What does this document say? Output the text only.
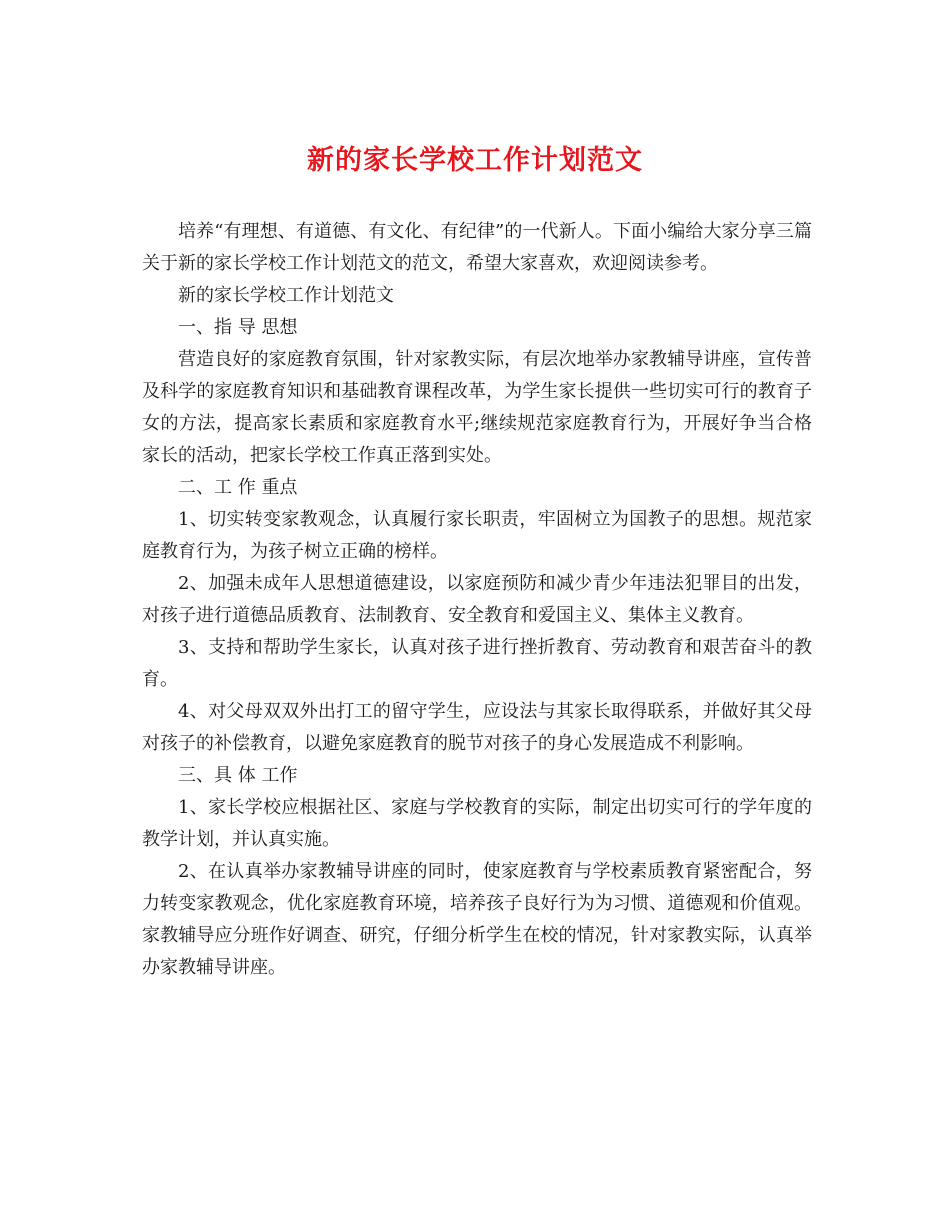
新的家长学校工作计划范文

培养“有理想、有道德、有文化、有纪律”的一代新人。下面小编给大家分享三篇关于新的家长学校工作计划范文的范文，希望大家喜欢，欢迎阅读参考。

新的家长学校工作计划范文

一、指 导 思想

营造良好的家庭教育氛围，针对家教实际，有层次地举办家教辅导讲座，宣传普及科学的家庭教育知识和基础教育课程改革，为学生家长提供一些切实可行的教育子女的方法，提高家长素质和家庭教育水平;继续规范家庭教育行为，开展好争当合格家长的活动，把家长学校工作真正落到实处。

二、工 作 重点

1、切实转变家教观念，认真履行家长职责，牢固树立为国教子的思想。规范家庭教育行为，为孩子树立正确的榜样。

2、加强未成年人思想道德建设，以家庭预防和减少青少年违法犯罪目的出发，对孩子进行道德品质教育、法制教育、安全教育和爱国主义、集体主义教育。

3、支持和帮助学生家长，认真对孩子进行挫折教育、劳动教育和艰苦奋斗的教育。

4、对父母双双外出打工的留守学生，应设法与其家长取得联系，并做好其父母对孩子的补偿教育，以避免家庭教育的脱节对孩子的身心发展造成不利影响。

三、具 体 工作

1、家长学校应根据社区、家庭与学校教育的实际，制定出切实可行的学年度的教学计划，并认真实施。

2、在认真举办家教辅导讲座的同时，使家庭教育与学校素质教育紧密配合，努力转变家教观念，优化家庭教育环境，培养孩子良好行为为习惯、道德观和价值观。家教辅导应分班作好调查、研究，仔细分析学生在校的情况，针对家教实际，认真举办家教辅导讲座。
